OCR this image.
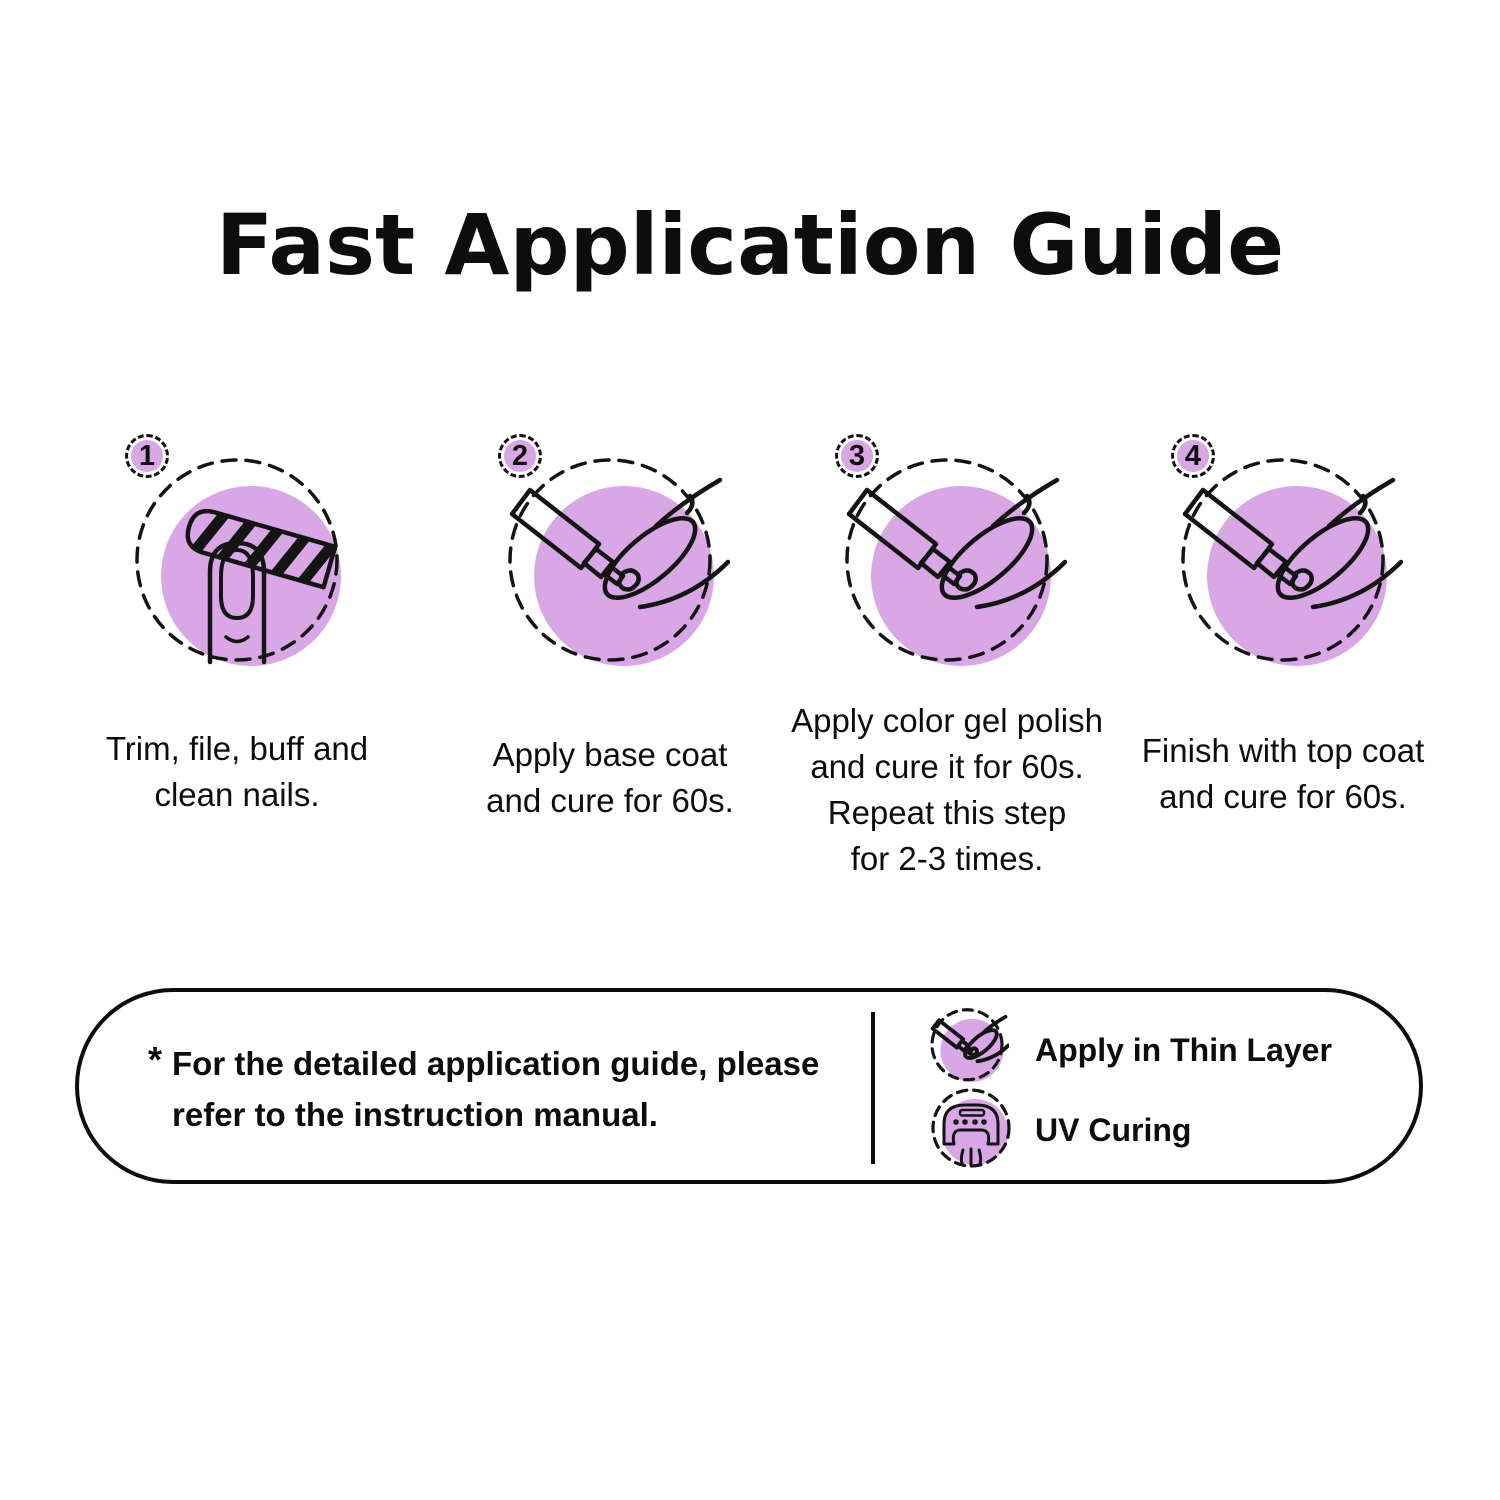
Fast Application Guide
1
Trim, file, buff and
clean nails.
2
Apply base coat
and cure for 60s.
3
Apply color gel polish
and cure it for 60s.
Repeat this step
for 2-3 times.
4
Finish with top coat
and cure for 60s.
* For the detailed application guide, please
refer to the instruction manual.
Apply in Thin Layer
UV Curing
